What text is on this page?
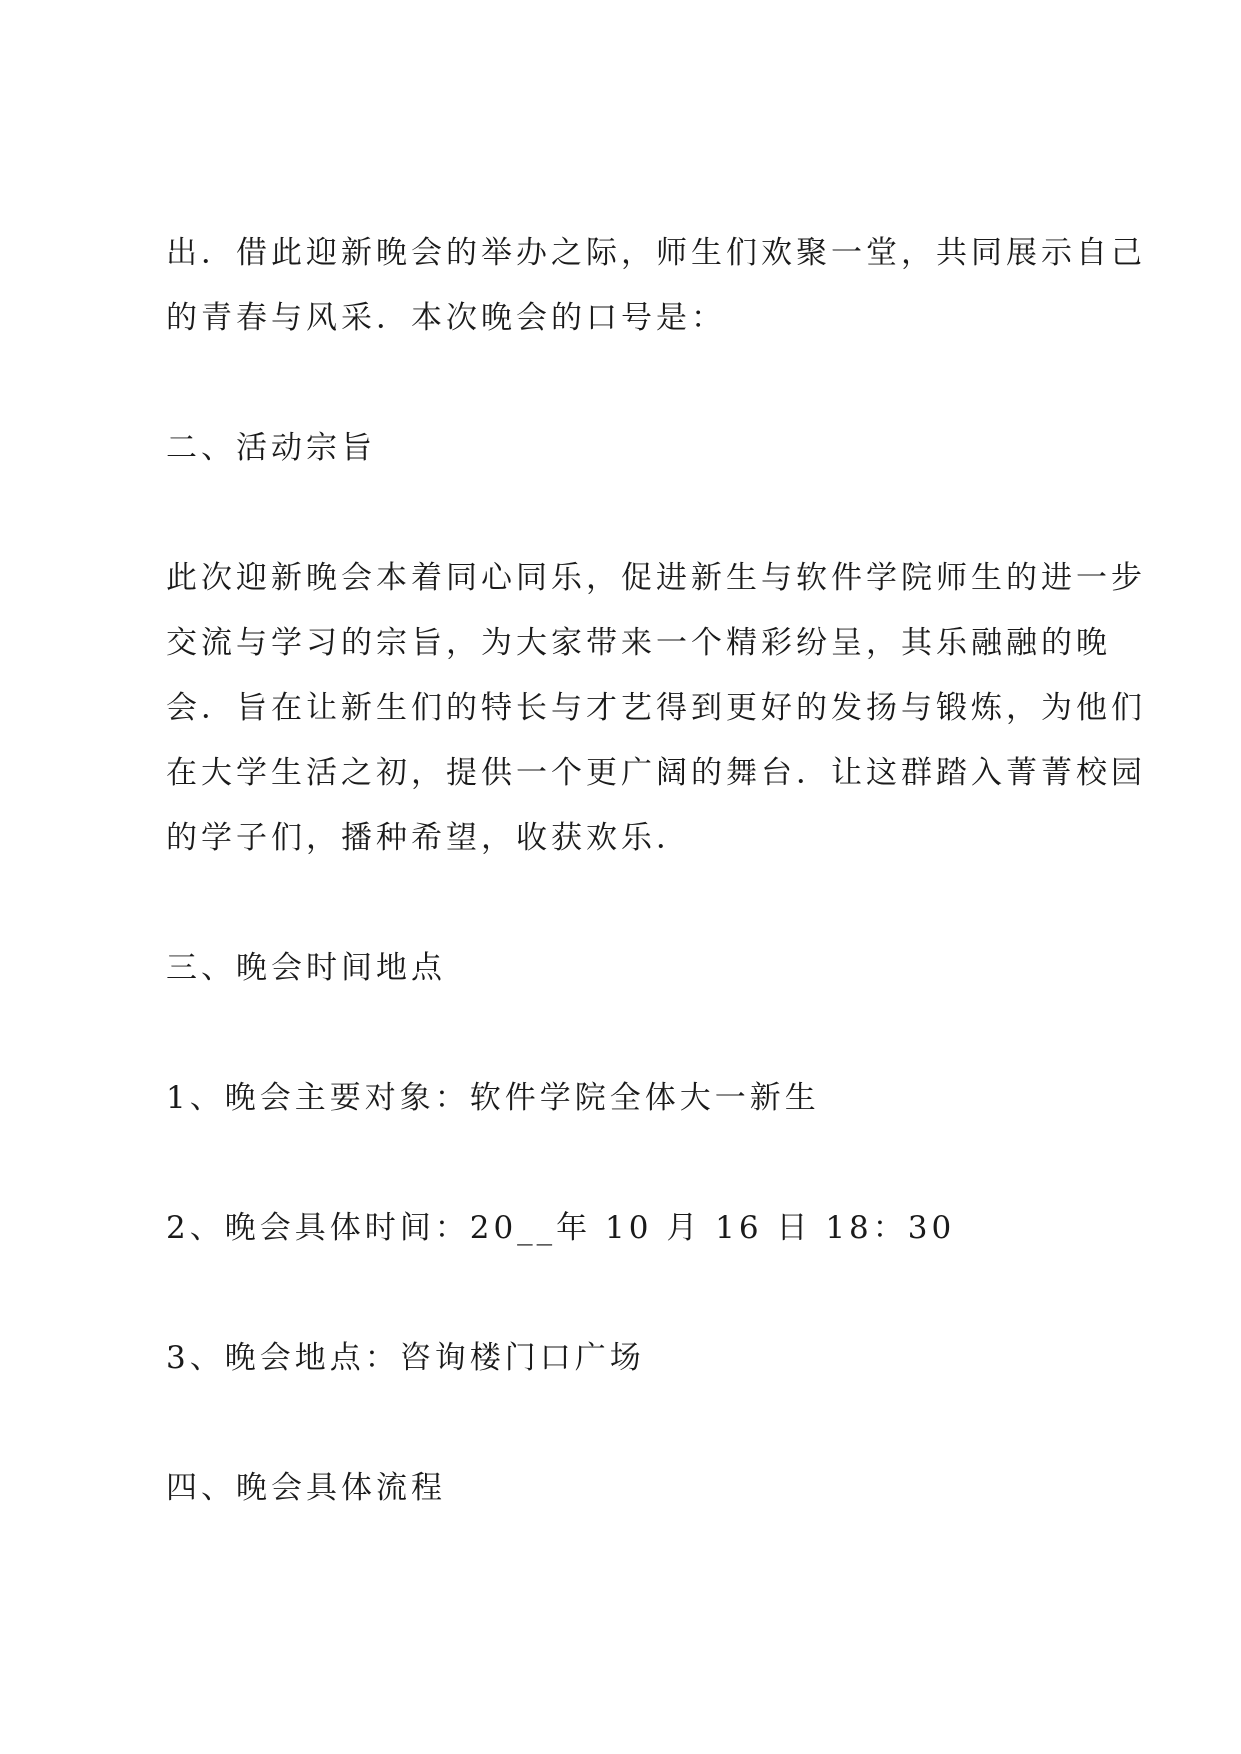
出．借此迎新晚会的举办之际，师生们欢聚一堂，共同展示自己
的青春与风采．本次晚会的口号是：
二、活动宗旨
此次迎新晚会本着同心同乐，促进新生与软件学院师生的进一步
交流与学习的宗旨，为大家带来一个精彩纷呈，其乐融融的晚
会．旨在让新生们的特长与才艺得到更好的发扬与锻炼，为他们
在大学生活之初，提供一个更广阔的舞台．让这群踏入菁菁校园
的学子们，播种希望，收获欢乐．
三、晚会时间地点
1、晚会主要对象：软件学院全体大一新生
2、晚会具体时间：20__年 10 月 16 日 18：30
3、晚会地点：咨询楼门口广场
四、晚会具体流程
